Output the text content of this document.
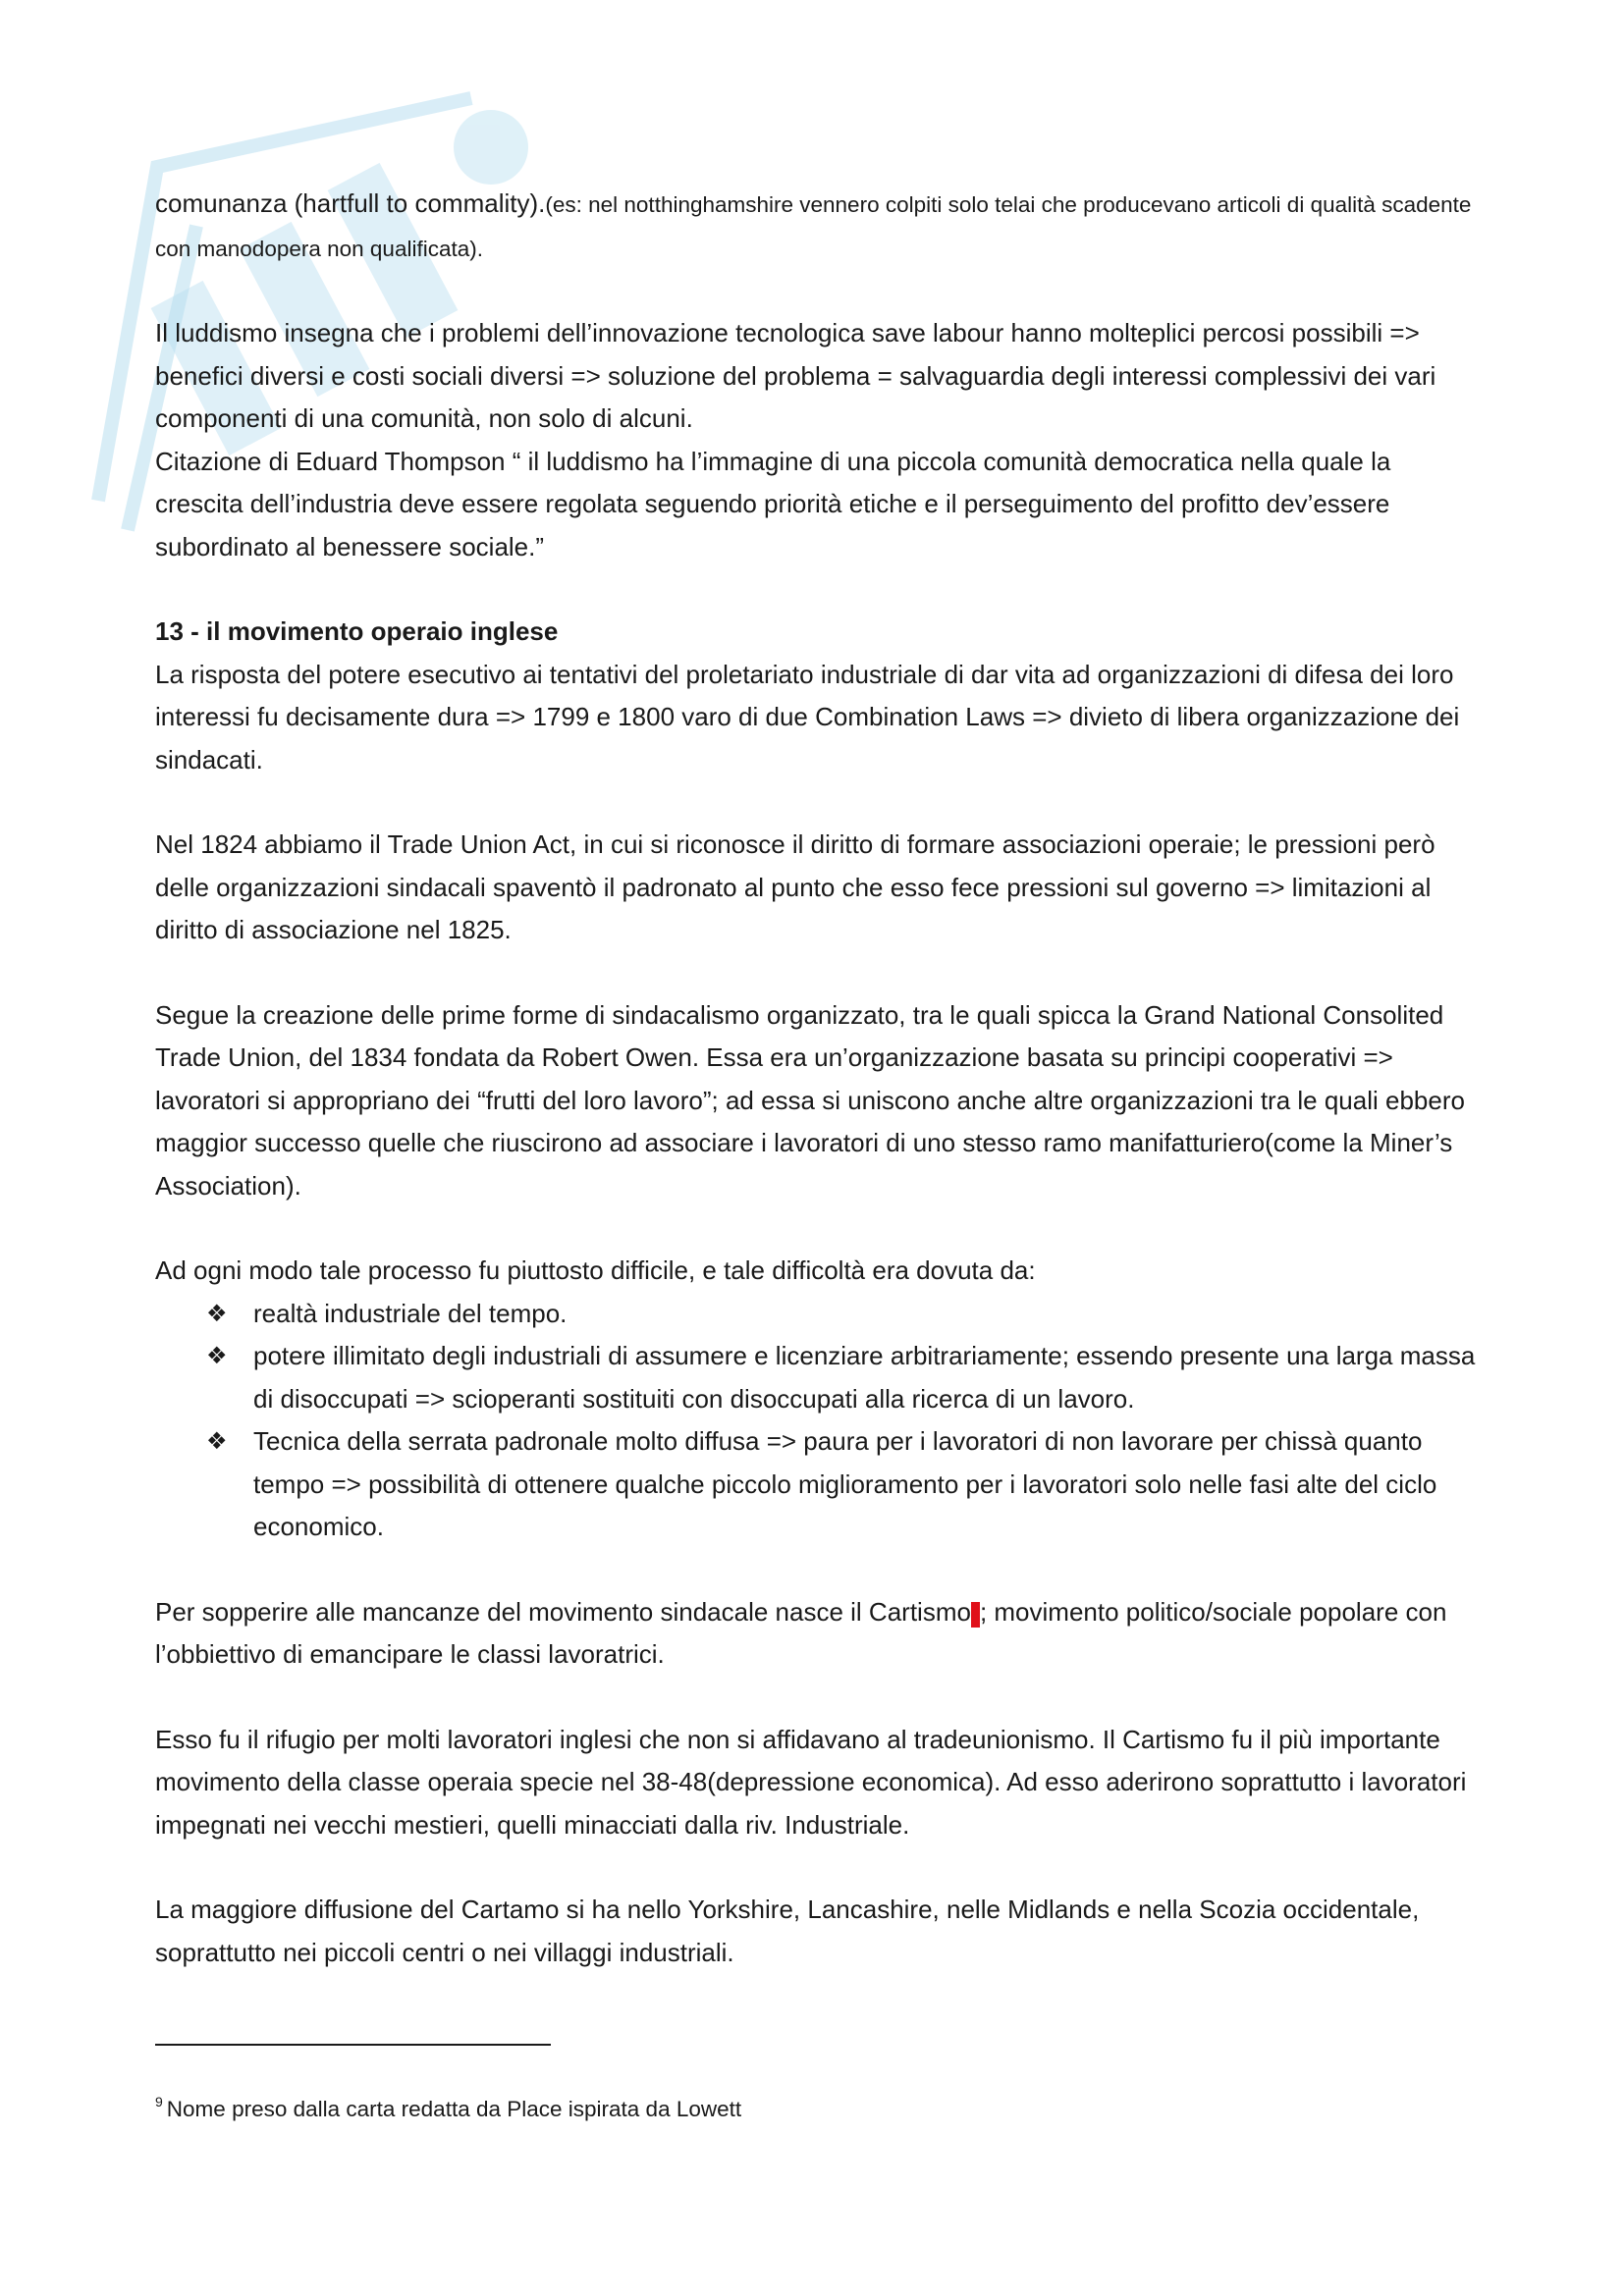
comunanza (hartfull to commality).(es: nel notthinghamshire vennero colpiti solo telai che producevano articoli di qualità scadente con manodopera non qualificata).

Il luddismo insegna che i problemi dell’innovazione tecnologica save labour hanno molteplici percosi possibili => benefici diversi e costi sociali diversi => soluzione del problema = salvaguardia degli interessi complessivi dei vari componenti di una comunità, non solo di alcuni.

Citazione di Eduard Thompson “ il luddismo ha l’immagine di una piccola comunità democratica nella quale la crescita dell’industria deve essere regolata seguendo priorità etiche e il perseguimento del profitto dev’essere subordinato al benessere sociale.”

13 - il movimento operaio inglese

La risposta del potere esecutivo ai tentativi del proletariato industriale di dar vita ad organizzazioni di difesa dei loro interessi fu decisamente dura => 1799 e 1800 varo di due Combination Laws => divieto di libera organizzazione dei sindacati.

Nel 1824 abbiamo il Trade Union Act, in cui si riconosce il diritto di formare associazioni operaie; le pressioni però delle organizzazioni sindacali spaventò il padronato al punto che esso fece pressioni sul governo => limitazioni al diritto di associazione nel 1825.

Segue la creazione delle prime forme di sindacalismo organizzato, tra le quali spicca la Grand National Consolited Trade Union, del 1834 fondata da Robert Owen. Essa era un’organizzazione basata su principi cooperativi => lavoratori si appropriano dei “frutti del loro lavoro”; ad essa si uniscono anche altre organizzazioni tra le quali ebbero maggior successo quelle che riuscirono ad associare i lavoratori di uno stesso ramo manifatturiero(come la Miner’s Association).

Ad ogni modo tale processo fu piuttosto difficile, e tale difficoltà era dovuta da:

❖ realtà industriale del tempo.
❖ potere illimitato degli industriali di assumere e licenziare arbitrariamente; essendo presente una larga massa di disoccupati => scioperanti sostituiti con disoccupati alla ricerca di un lavoro.
❖ Tecnica della serrata padronale molto diffusa => paura per i lavoratori di non lavorare per chissà quanto tempo => possibilità di ottenere qualche piccolo miglioramento per i lavoratori solo nelle fasi alte del ciclo economico.

Per sopperire alle mancanze del movimento sindacale nasce il Cartismo9; movimento politico/sociale popolare con l’obbiettivo di emancipare le classi lavoratrici.

Esso fu il rifugio per molti lavoratori inglesi che non si affidavano al tradeunionismo. Il Cartismo fu il più importante movimento della classe operaia specie nel 38-48(depressione economica). Ad esso aderirono soprattutto i lavoratori impegnati nei vecchi mestieri, quelli minacciati dalla riv. Industriale.

La maggiore diffusione del Cartamo si ha nello Yorkshire, Lancashire, nelle Midlands e nella Scozia occidentale, soprattutto nei piccoli centri o nei villaggi industriali.

$^9$ Nome preso dalla carta redatta da Place ispirata da Lowett
